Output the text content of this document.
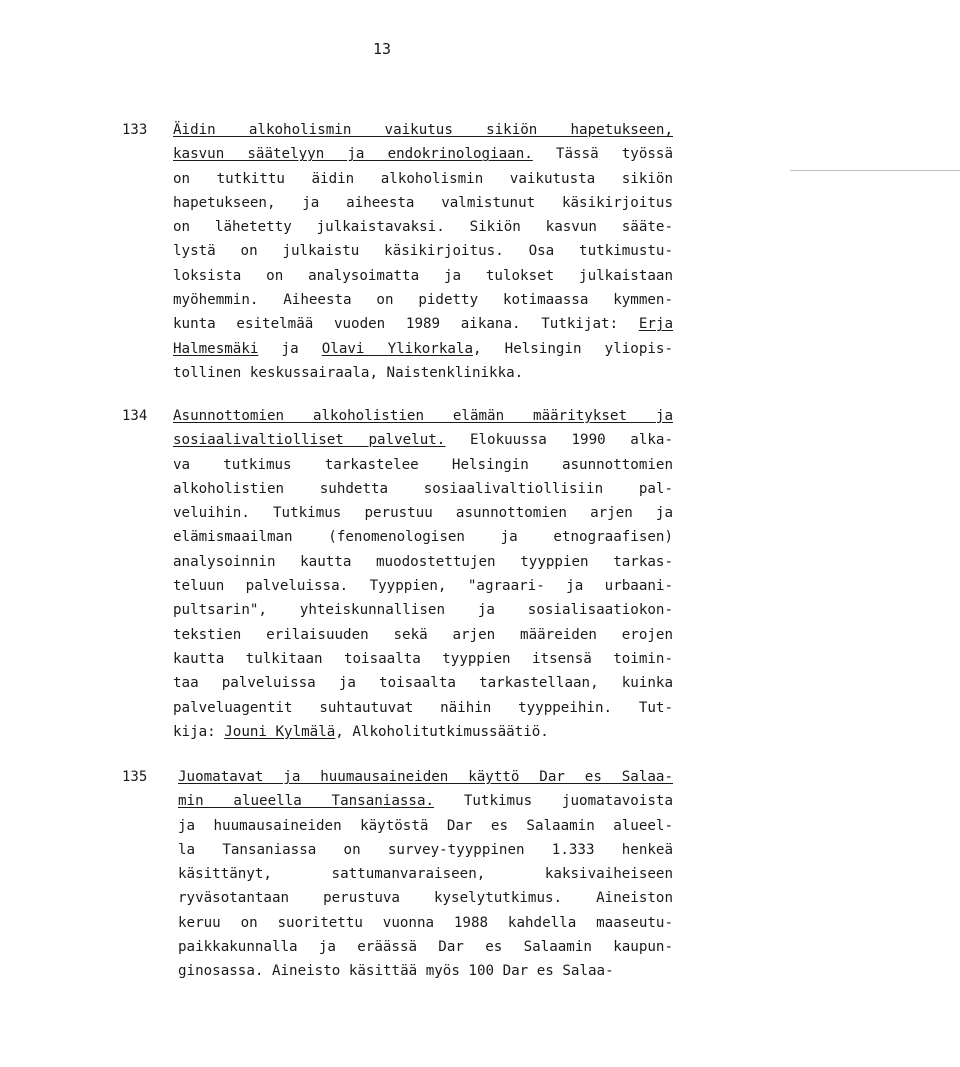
13
133 Äidin alkoholismin vaikutus sikiön hapetukseen,
kasvun säätelyyn ja endokrinologiaan. Tässä työssä
on tutkittu äidin alkoholismin vaikutusta sikiön
hapetukseen, ja aiheesta valmistunut käsikirjoitus
on lähetetty julkaistavaksi. Sikiön kasvun sääte-
lystä on julkaistu käsikirjoitus. Osa tutkimustu-
loksista on analysoimatta ja tulokset julkaistaan
myöhemmin. Aiheesta on pidetty kotimaassa kymmen-
kunta esitelmää vuoden 1989 aikana. Tutkijat: Erja
Halmesmäki ja Olavi Ylikorkala, Helsingin yliopis-
tollinen keskussairaala, Naistenklinikka.
134 Asunnottomien alkoholistien elämän määritykset ja
sosiaalivaltiolliset palvelut. Elokuussa 1990 alka-
va tutkimus tarkastelee Helsingin asunnottomien
alkoholistien suhdetta sosiaalivaltiollisiin pal-
veluihin. Tutkimus perustuu asunnottomien arjen ja
elämismaailman (fenomenologisen ja etnograafisen)
analysoinnin kautta muodostettujen tyyppien tarkas-
teluun palveluissa. Tyyppien, "agraari- ja urbaani-
pultsarin", yhteiskunnallisen ja sosialisaatiokon-
tekstien erilaisuuden sekä arjen määreiden erojen
kautta tulkitaan toisaalta tyyppien itsensä toimin-
taa palveluissa ja toisaalta tarkastellaan, kuinka
palveluagentit suhtautuvat näihin tyyppeihin. Tut-
kija: Jouni Kylmälä, Alkoholitutkimussäätiö.
135 Juomatavat ja huumausaineiden käyttö Dar es Salaa-
min alueella Tansaniassa. Tutkimus juomatavoista
ja huumausaineiden käytöstä Dar es Salaamin alueel-
la Tansaniassa on survey-tyyppinen 1.333 henkeä
käsittänyt, sattumanvaraiseen, kaksivaiheiseen
ryväsotantaan perustuva kyselytutkimus. Aineiston
keruu on suoritettu vuonna 1988 kahdella maaseutu-
paikkakunnalla ja eräässä Dar es Salaamin kaupun-
ginosassa. Aineisto käsittää myös 100 Dar es Salaa-
